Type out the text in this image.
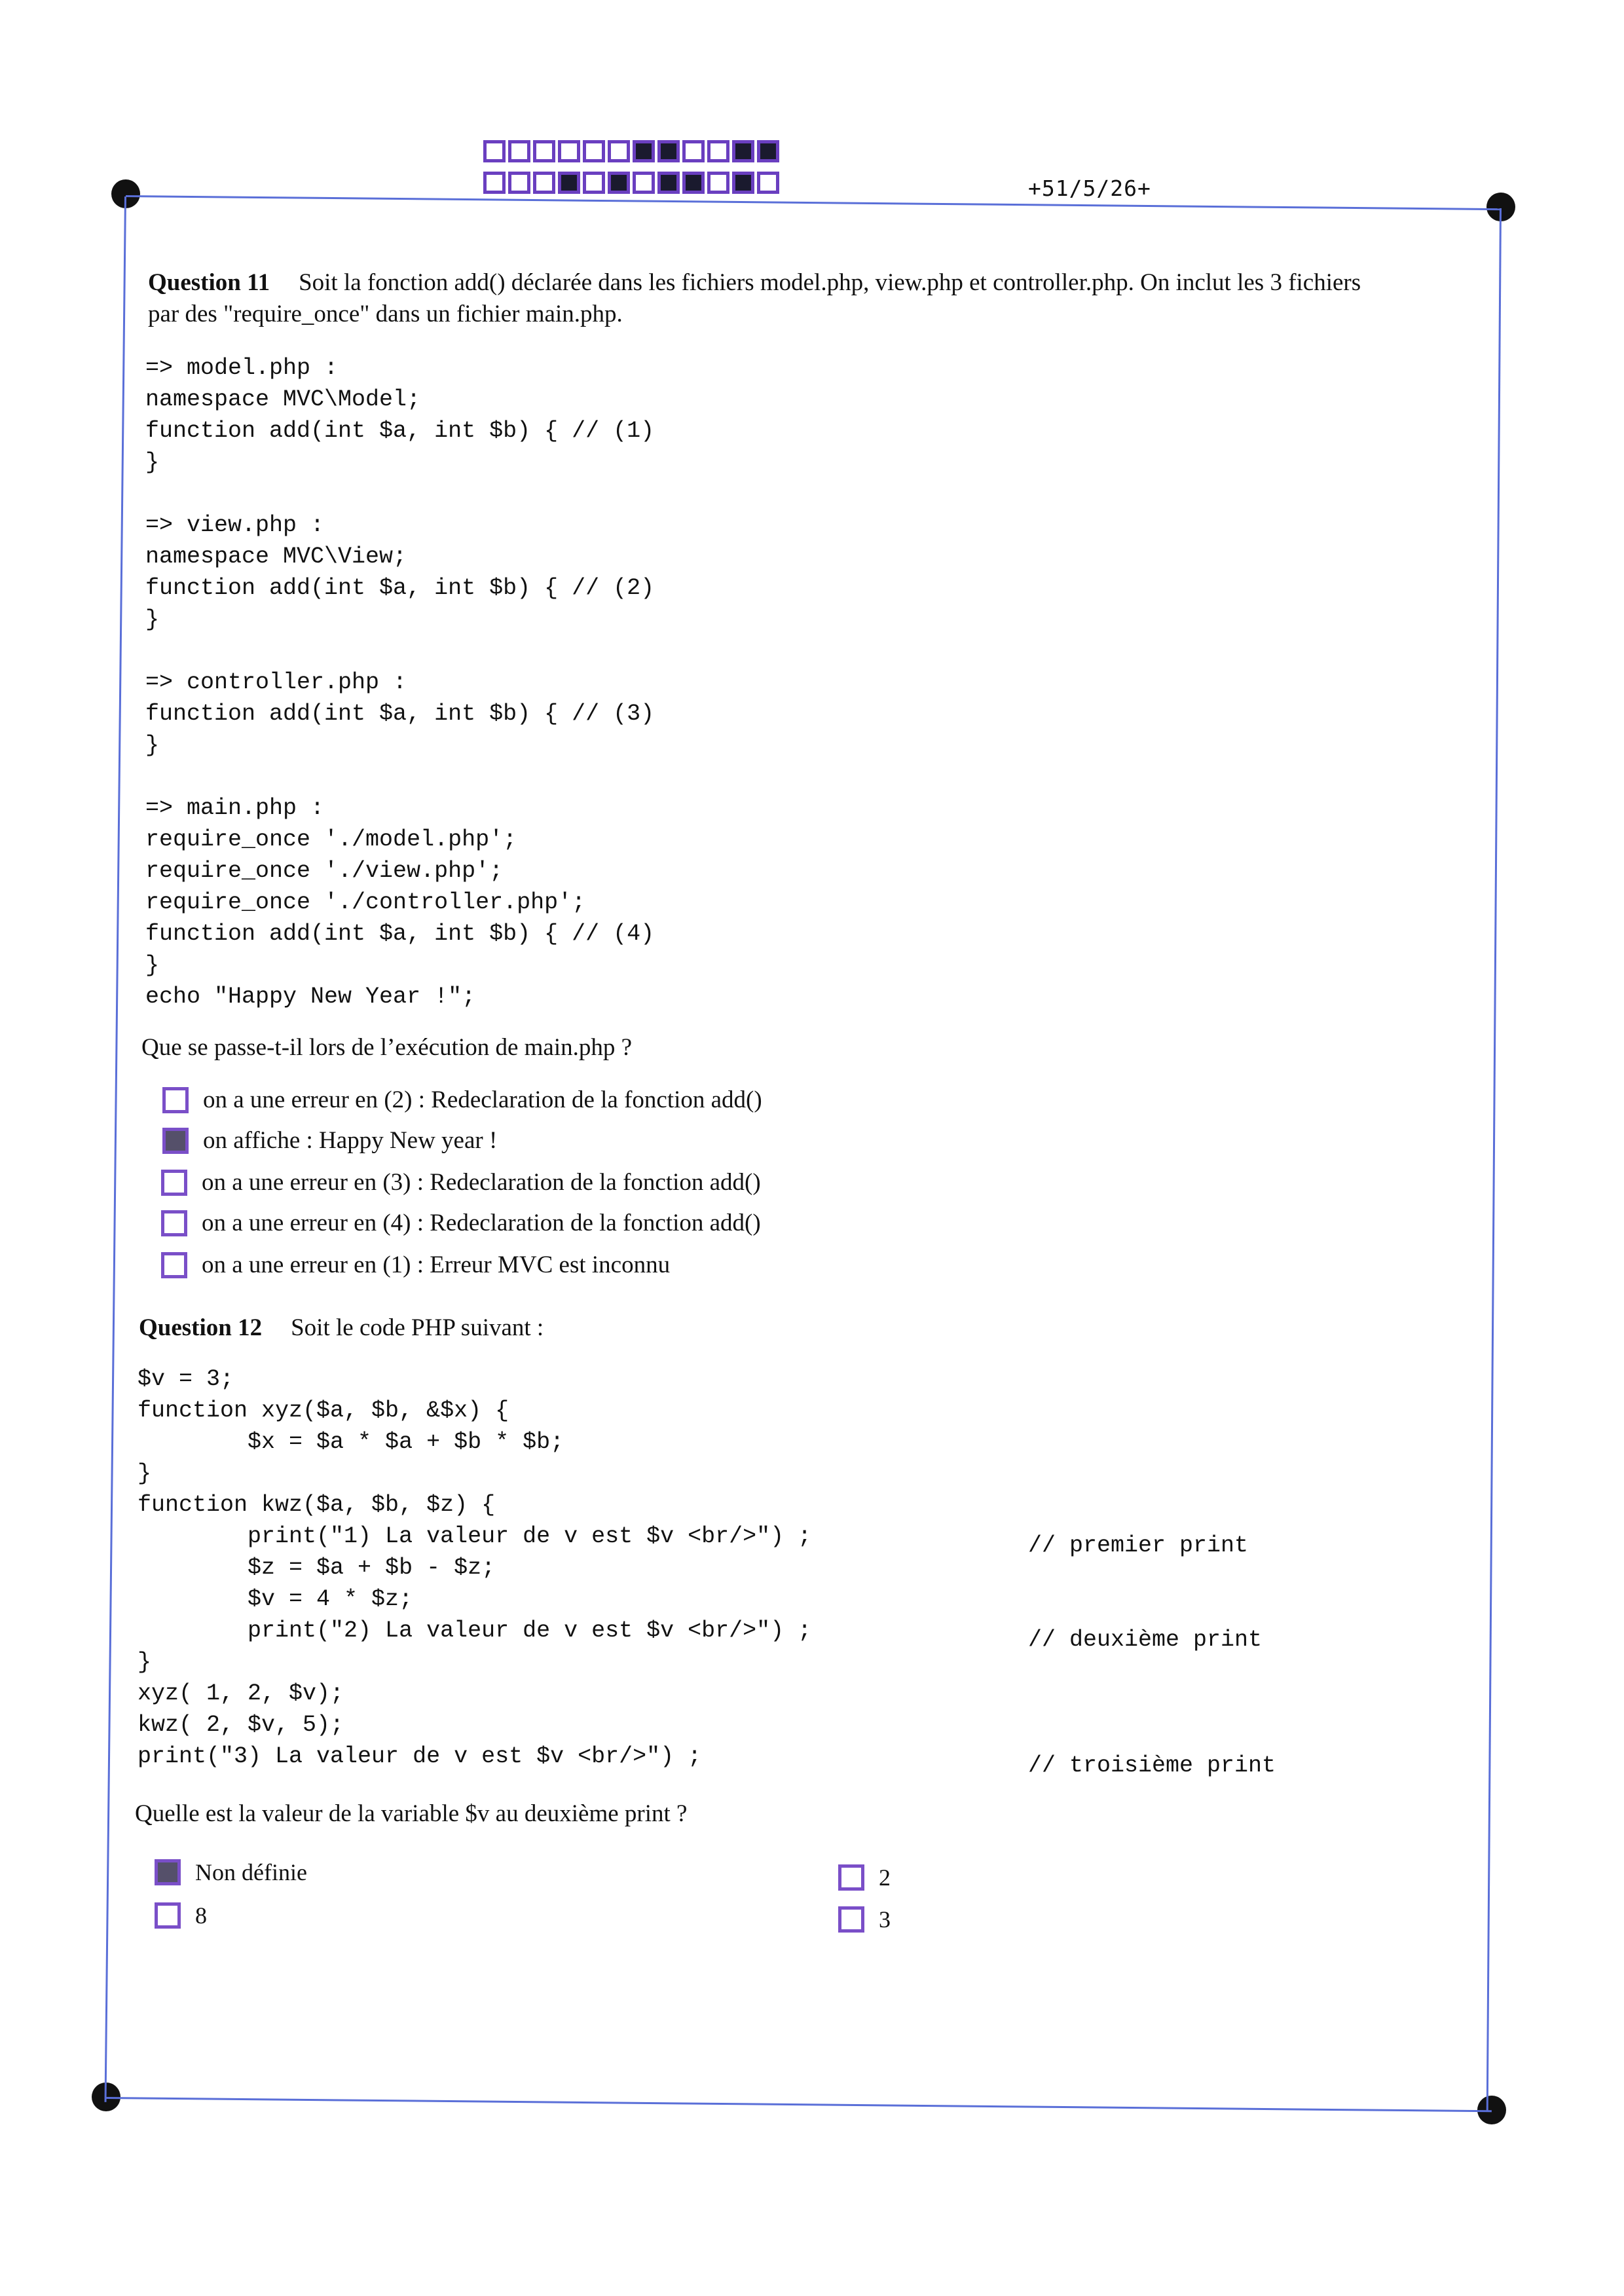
+51/5/26+
Question 11 Soit la fonction add() déclarée dans les fichiers model.php, view.php et controller.php. On inclut les 3 fichiers
par des "require_once" dans un fichier main.php.
=> model.php :
namespace MVC\Model;
function add(int $a, int $b) { // (1)
}

=> view.php :
namespace MVC\View;
function add(int $a, int $b) { // (2)
}

=> controller.php :
function add(int $a, int $b) { // (3)
}

=> main.php :
require_once './model.php';
require_once './view.php';
require_once './controller.php';
function add(int $a, int $b) { // (4)
}
echo "Happy New Year !";
Que se passe-t-il lors de l’exécution de main.php ?
on a une erreur en (2) : Redeclaration de la fonction add()
on affiche : Happy New year !
on a une erreur en (3) : Redeclaration de la fonction add()
on a une erreur en (4) : Redeclaration de la fonction add()
on a une erreur en (1) : Erreur MVC est inconnu
Question 12 Soit le code PHP suivant :
$v = 3;
function xyz($a, $b, &$x) {
$x = $a * $a + $b * $b;
}
function kwz($a, $b, $z) {
print("1) La valeur de v est $v <br/>") ;
$z = $a + $b - $z;
$v = 4 * $z;
print("2) La valeur de v est $v <br/>") ;
}
xyz( 1, 2, $v);
kwz( 2, $v, 5);
print("3) La valeur de v est $v <br/>") ;
// premier print
// deuxième print
// troisième print
Quelle est la valeur de la variable $v au deuxième print ?
Non définie
8
2
3
